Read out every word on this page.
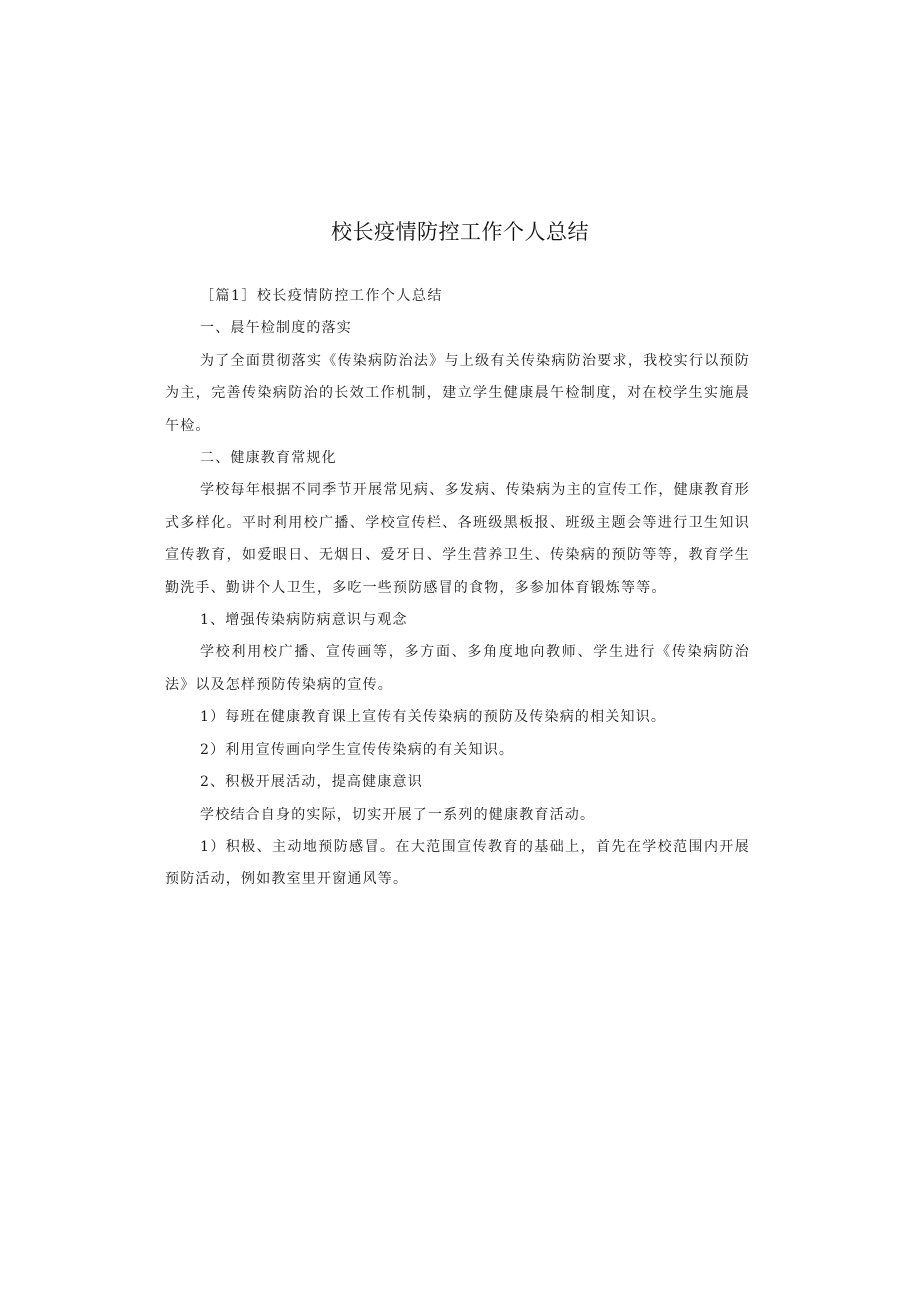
校长疫情防控工作个人总结

［篇1］校长疫情防控工作个人总结

一、晨午检制度的落实

为了全面贯彻落实《传染病防治法》与上级有关传染病防治要求，我校实行以预防为主，完善传染病防治的长效工作机制，建立学生健康晨午检制度，对在校学生实施晨午检。

二、健康教育常规化

学校每年根据不同季节开展常见病、多发病、传染病为主的宣传工作，健康教育形式多样化。平时利用校广播、学校宣传栏、各班级黑板报、班级主题会等进行卫生知识宣传教育，如爱眼日、无烟日、爱牙日、学生营养卫生、传染病的预防等等，教育学生勤洗手、勤讲个人卫生，多吃一些预防感冒的食物，多参加体育锻炼等等。

1、增强传染病防病意识与观念

学校利用校广播、宣传画等，多方面、多角度地向教师、学生进行《传染病防治法》以及怎样预防传染病的宣传。

1）每班在健康教育课上宣传有关传染病的预防及传染病的相关知识。

2）利用宣传画向学生宣传传染病的有关知识。

2、积极开展活动，提高健康意识

学校结合自身的实际，切实开展了一系列的健康教育活动。

1）积极、主动地预防感冒。在大范围宣传教育的基础上，首先在学校范围内开展预防活动，例如教室里开窗通风等。
